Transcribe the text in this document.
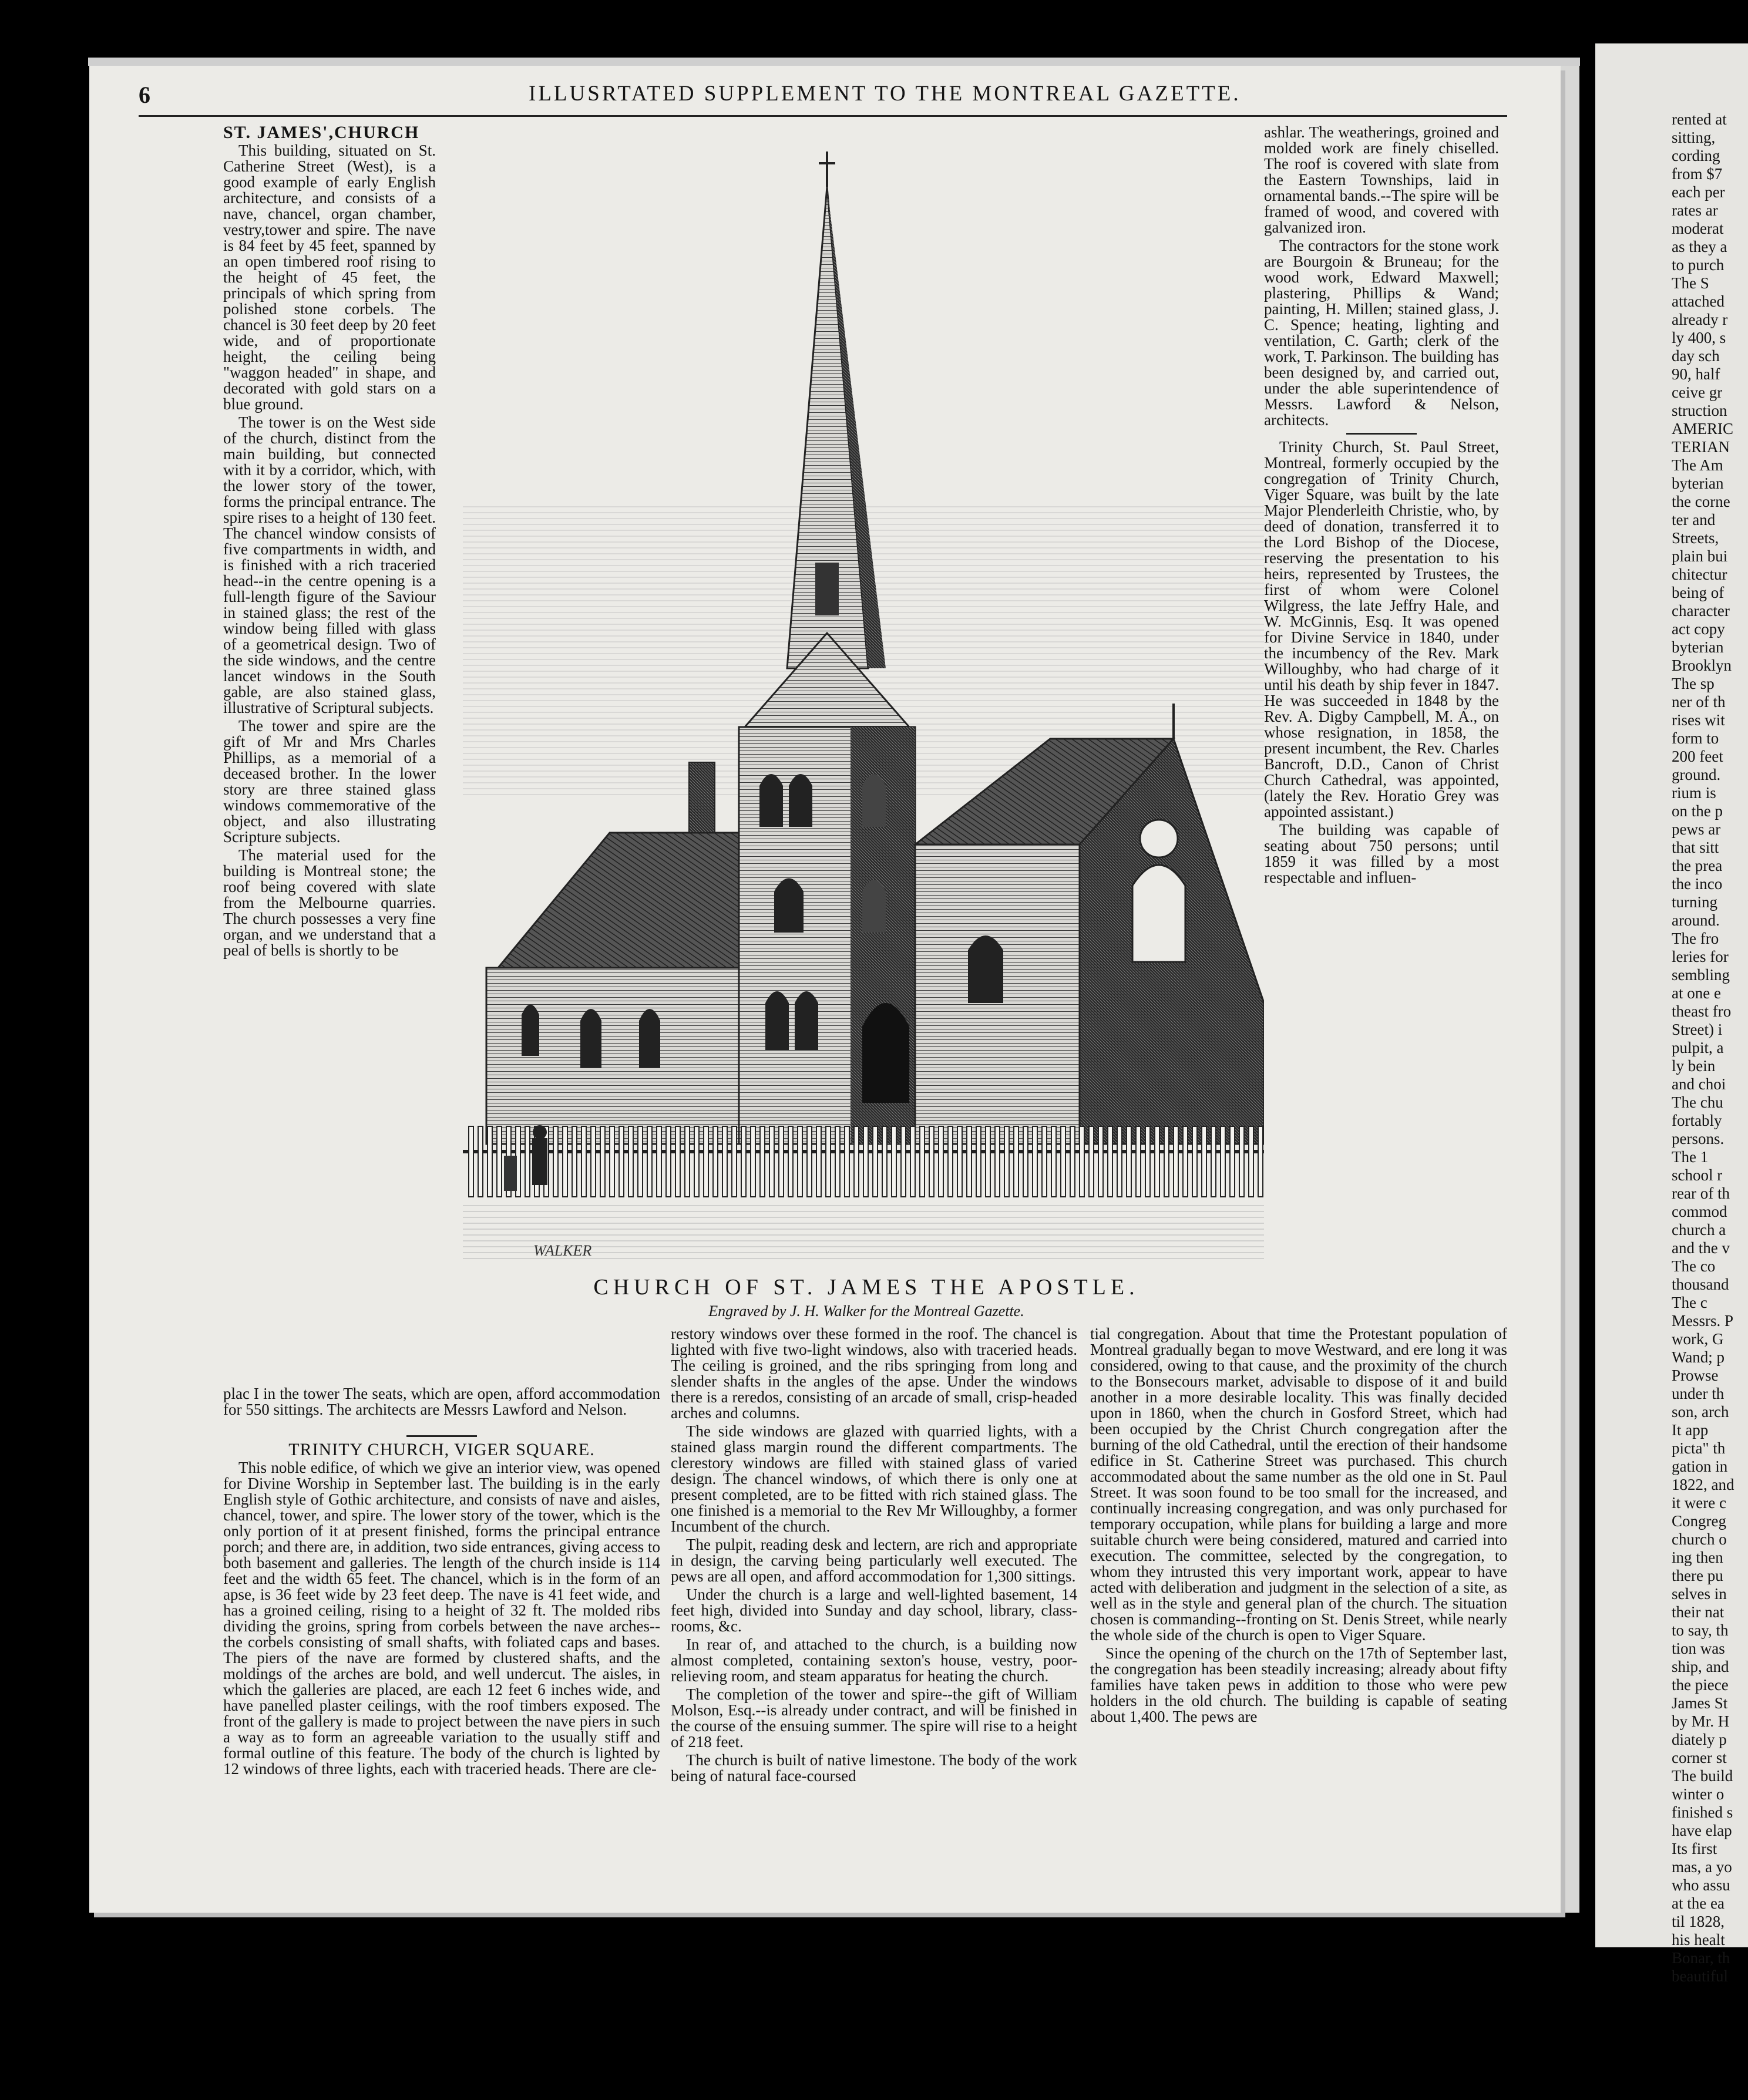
6	ILLUSRTATED SUPPLEMENT TO THE MONTREAL GAZETTE.
ST. JAMES',CHURCH

This building, situated on St. Catherine Street (West), is a good example of early English architecture, and consists of a nave, chancel, organ chamber, vestry,tower and spire. The nave is 84 feet by 45 feet, spanned by an open timbered roof rising to the height of 45 feet, the principals of which spring from polished stone corbels. The chancel is 30 feet deep by 20 feet wide, and of proportionate height, the ceiling being "waggon headed" in shape, and decorated with gold stars on a blue ground.

The tower is on the West side of the church, distinct from the main building, but connected with it by a corridor, which, with the lower story of the tower, forms the principal entrance. The spire rises to a height of 130 feet. The chancel window consists of five compartments in width, and is finished with a rich traceried head--in the centre opening is a full-length figure of the Saviour in stained glass; the rest of the window being filled with glass of a geometrical design. Two of the side windows, and the centre lancet windows in the South gable, are also stained glass, illustrative of Scriptural subjects.

The tower and spire are the gift of Mr and Mrs Charles Phillips, as a memorial of a deceased brother. In the lower story are three stained glass windows commemorative of the object, and also illustrating Scripture subjects.

The material used for the building is Montreal stone; the roof being covered with slate from the Melbourne quarries. The church possesses a very fine organ, and we understand that a peal of bells is shortly to be

WALKER
CHURCH OF ST. JAMES THE APOSTLE.
Engraved by J. H. Walker for the Montreal Gazette.

ashlar. The weatherings, groined and molded work are finely chiselled. The roof is covered with slate from the Eastern Townships, laid in ornamental bands.--The spire will be framed of wood, and covered with galvanized iron.

The contractors for the stone work are Bourgoin & Bruneau; for the wood work, Edward Maxwell; plastering, Phillips & Wand; painting, H. Millen; stained glass, J. C. Spence; heating, lighting and ventilation, C. Garth; clerk of the work, T. Parkinson. The building has been designed by, and carried out, under the able superintendence of Messrs. Lawford & Nelson, architects.

Trinity Church, St. Paul Street, Montreal, formerly occupied by the congregation of Trinity Church, Viger Square, was built by the late Major Plenderleith Christie, who, by deed of donation, transferred it to the Lord Bishop of the Diocese, reserving the presentation to his heirs, represented by Trustees, the first of whom were Colonel Wilgress, the late Jeffry Hale, and W. McGinnis, Esq. It was opened for Divine Service in 1840, under the incumbency of the Rev. Mark Willoughby, who had charge of it until his death by ship fever in 1847. He was succeeded in 1848 by the Rev. A. Digby Campbell, M. A., on whose resignation, in 1858, the present incumbent, the Rev. Charles Bancroft, D.D., Canon of Christ Church Cathedral, was appointed, (lately the Rev. Horatio Grey was appointed assistant.)

The building was capable of seating about 750 persons; until 1859 it was filled by a most respectable and influen-

plac I in the tower The seats, which are open, afford accommodation for 550 sittings. The architects are Messrs Lawford and Nelson.

TRINITY CHURCH, VIGER SQUARE.

This noble edifice, of which we give an interior view, was opened for Divine Worship in September last. The building is in the early English style of Gothic architecture, and consists of nave and aisles, chancel, tower, and spire. The lower story of the tower, which is the only portion of it at present finished, forms the principal entrance porch; and there are, in addition, two side entrances, giving access to both basement and galleries. The length of the church inside is 114 feet and the width 65 feet. The chancel, which is in the form of an apse, is 36 feet wide by 23 feet deep. The nave is 41 feet wide, and has a groined ceiling, rising to a height of 32 ft. The molded ribs dividing the groins, spring from corbels between the nave arches--the corbels consisting of small shafts, with foliated caps and bases. The piers of the nave are formed by clustered shafts, and the moldings of the arches are bold, and well undercut. The aisles, in which the galleries are placed, are each 12 feet 6 inches wide, and have panelled plaster ceilings, with the roof timbers exposed. The front of the gallery is made to project between the nave piers in such a way as to form an agreeable variation to the usually stiff and formal outline of this feature. The body of the church is lighted by 12 windows of three lights, each with traceried heads. There are cle-

restory windows over these formed in the roof. The chancel is lighted with five two-light windows, also with traceried heads. The ceiling is groined, and the ribs springing from long and slender shafts in the angles of the apse. Under the windows there is a reredos, consisting of an arcade of small, crisp-headed arches and columns.

The side windows are glazed with quarried lights, with a stained glass margin round the different compartments. The clerestory windows are filled with stained glass of varied design. The chancel windows, of which there is only one at present completed, are to be fitted with rich stained glass. The one finished is a memorial to the Rev Mr Willoughby, a former Incumbent of the church.

The pulpit, reading desk and lectern, are rich and appropriate in design, the carving being particularly well executed. The pews are all open, and afford accommodation for 1,300 sittings.

Under the church is a large and well-lighted basement, 14 feet high, divided into Sunday and day school, library, class-rooms, &c.

In rear of, and attached to the church, is a building now almost completed, containing sexton's house, vestry, poor-relieving room, and steam apparatus for heating the church.

The completion of the tower and spire--the gift of William Molson, Esq.--is already under contract, and will be finished in the course of the ensuing summer. The spire will rise to a height of 218 feet.

The church is built of native limestone. The body of the work being of natural face-coursed

tial congregation. About that time the Protestant population of Montreal gradually began to move Westward, and ere long it was considered, owing to that cause, and the proximity of the church to the Bonsecours market, advisable to dispose of it and build another in a more desirable locality. This was finally decided upon in 1860, when the church in Gosford Street, which had been occupied by the Christ Church congregation after the burning of the old Cathedral, until the erection of their handsome edifice in St. Catherine Street was purchased. This church accommodated about the same number as the old one in St. Paul Street. It was soon found to be too small for the increased, and continually increasing congregation, and was only purchased for temporary occupation, while plans for building a large and more suitable church were being considered, matured and carried into execution. The committee, selected by the congregation, to whom they intrusted this very important work, appear to have acted with deliberation and judgment in the selection of a site, as well as in the style and general plan of the church. The situation chosen is commanding--fronting on St. Denis Street, while nearly the whole side of the church is open to Viger Square.

Since the opening of the church on the 17th of September last, the congregation has been steadily increasing; already about fifty families have taken pews in addition to those who were pew holders in the old church. The building is capable of seating about 1,400. The pews are

rented at

sitting,

cording

from $7

each per

rates ar

moderat

as they a

to purch

The S

attached

already r

ly 400, s

day sch

90, half

ceive gr

struction

AMERIC

TERIAN

The Am

byterian

the corne

ter and

Streets,

plain bui

chitectur

being of

character

act copy

byterian

Brooklyn

The sp

ner of th

rises wit

form to

200 feet

ground.

rium is

on the p

pews ar

that sitt

the prea

the inco

turning

around.

The fro

leries for

sembling

at one e

theast fro

Street) i

pulpit, a

ly bein

and choi

The chu

fortably

persons.

The 1

school r

rear of th

commod

church a

and the v

The co

thousand

The c

Messrs. P

work, G

Wand; p

Prowse

under th

son, arch

It app

picta" th

gation in

1822, and

it were c

Congreg

church o

ing then

there pu

selves in

their nat

to say, th

tion was

ship, and

the piece

James St

by Mr. H

diately p

corner st

The build

winter o

finished s

have elap

Its first

mas, a yo

who assu

at the ea

til 1828,

his healt

Bonar, th

beautiful
